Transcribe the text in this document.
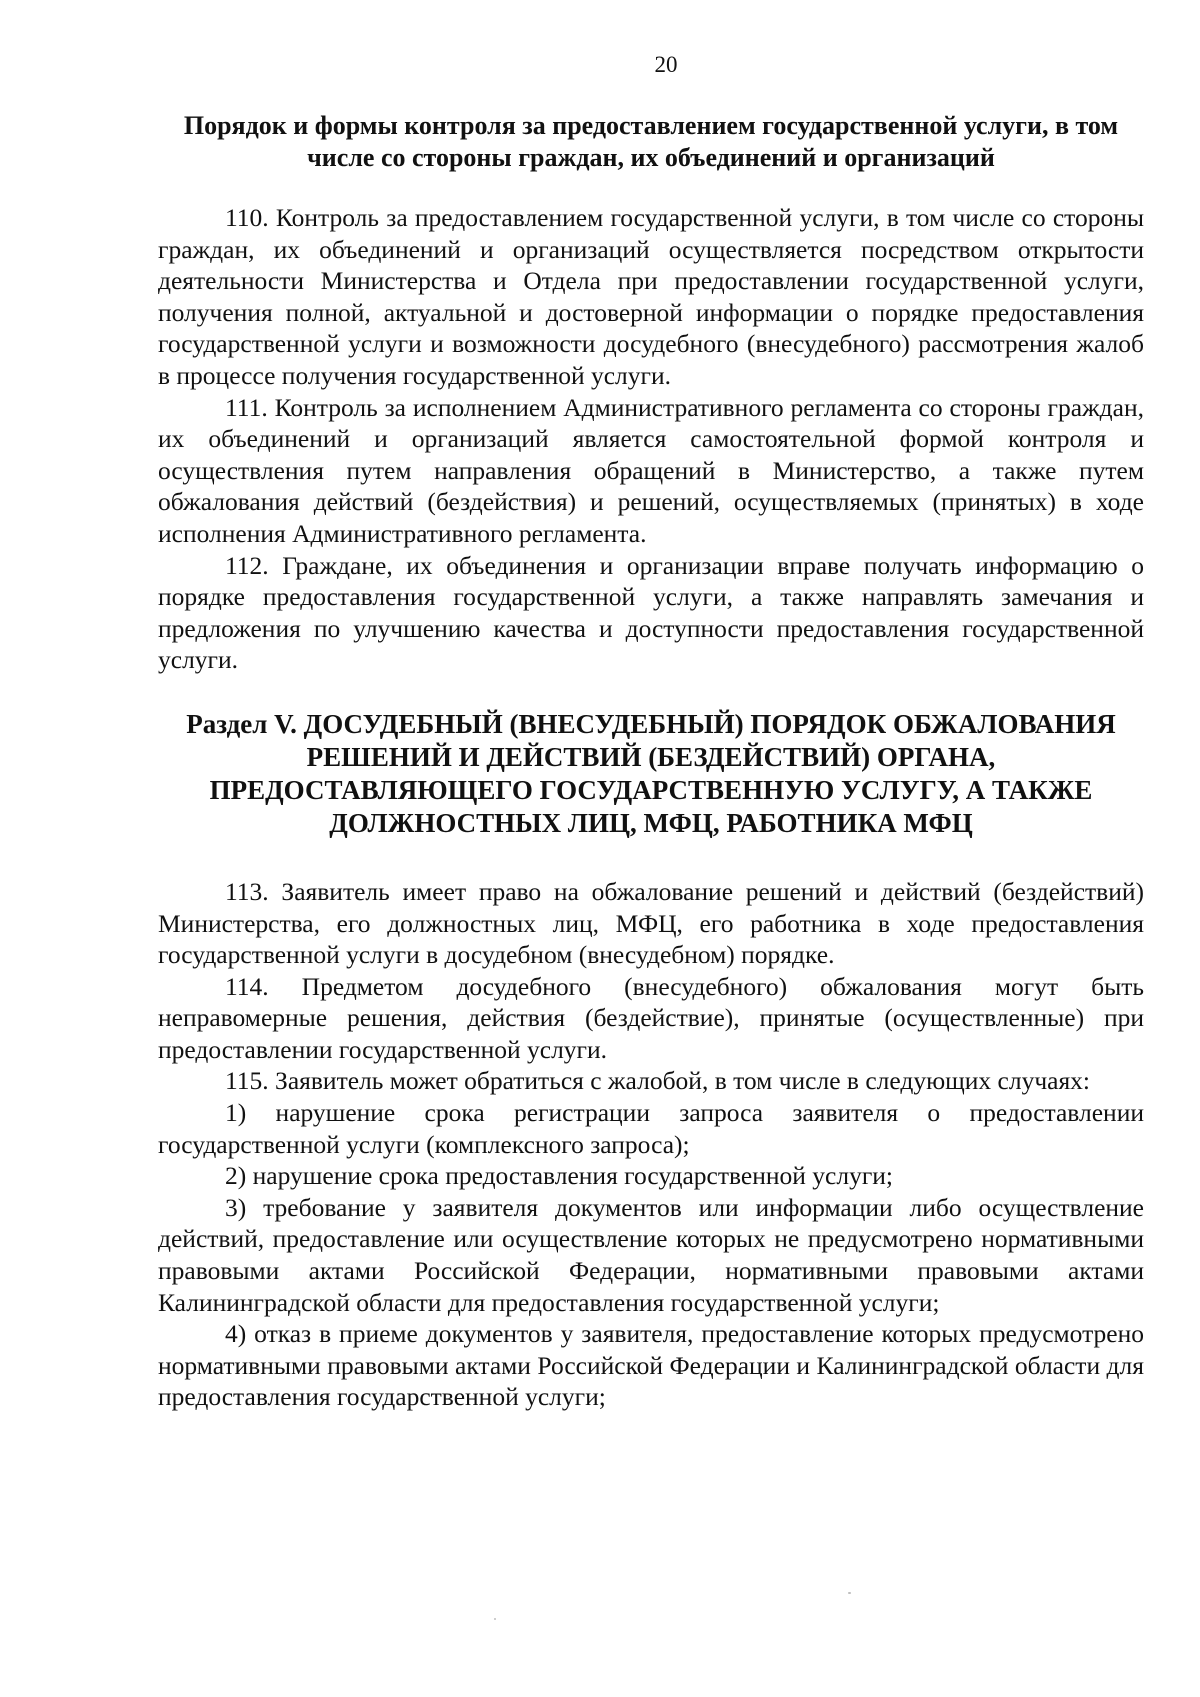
20
Порядок и формы контроля за предоставлением государственной услуги, в том числе со стороны граждан, их объединений и организаций

110. Контроль за предоставлением государственной услуги, в том числе со стороны граждан, их объединений и организаций осуществляется посредством открытости деятельности Министерства и Отдела при предоставлении государственной услуги, получения полной, актуальной и достоверной информации о порядке предоставления государственной услуги и возможности досудебного (внесудебного) рассмотрения жалоб в процессе получения государственной услуги.

111. Контроль за исполнением Административного регламента со стороны граждан, их объединений и организаций является самостоятельной формой контроля и осуществления путем направления обращений в Министерство, а также путем обжалования действий (бездействия) и решений, осуществляемых (принятых) в ходе исполнения Административного регламента.

112. Граждане, их объединения и организации вправе получать информацию о порядке предоставления государственной услуги, а также направлять замечания и предложения по улучшению качества и доступности предоставления государственной услуги.

Раздел V. ДОСУДЕБНЫЙ (ВНЕСУДЕБНЫЙ) ПОРЯДОК ОБЖАЛОВАНИЯ РЕШЕНИЙ И ДЕЙСТВИЙ (БЕЗДЕЙСТВИЙ) ОРГАНА, ПРЕДОСТАВЛЯЮЩЕГО ГОСУДАРСТВЕННУЮ УСЛУГУ, А ТАКЖЕ ДОЛЖНОСТНЫХ ЛИЦ, МФЦ, РАБОТНИКА МФЦ

113. Заявитель имеет право на обжалование решений и действий (бездействий) Министерства, его должностных лиц, МФЦ, его работника в ходе предоставления государственной услуги в досудебном (внесудебном) порядке.

114. Предметом досудебного (внесудебного) обжалования могут быть неправомерные решения, действия (бездействие), принятые (осуществленные) при предоставлении государственной услуги.

115. Заявитель может обратиться с жалобой, в том числе в следующих случаях:

1) нарушение срока регистрации запроса заявителя о предоставлении государственной услуги (комплексного запроса);

2) нарушение срока предоставления государственной услуги;

3) требование у заявителя документов или информации либо осуществление действий, предоставление или осуществление которых не предусмотрено нормативными правовыми актами Российской Федерации, нормативными правовыми актами Калининградской области для предоставления государственной услуги;

4) отказ в приеме документов у заявителя, предоставление которых предусмотрено нормативными правовыми актами Российской Федерации и Калининградской области для предоставления государственной услуги;
